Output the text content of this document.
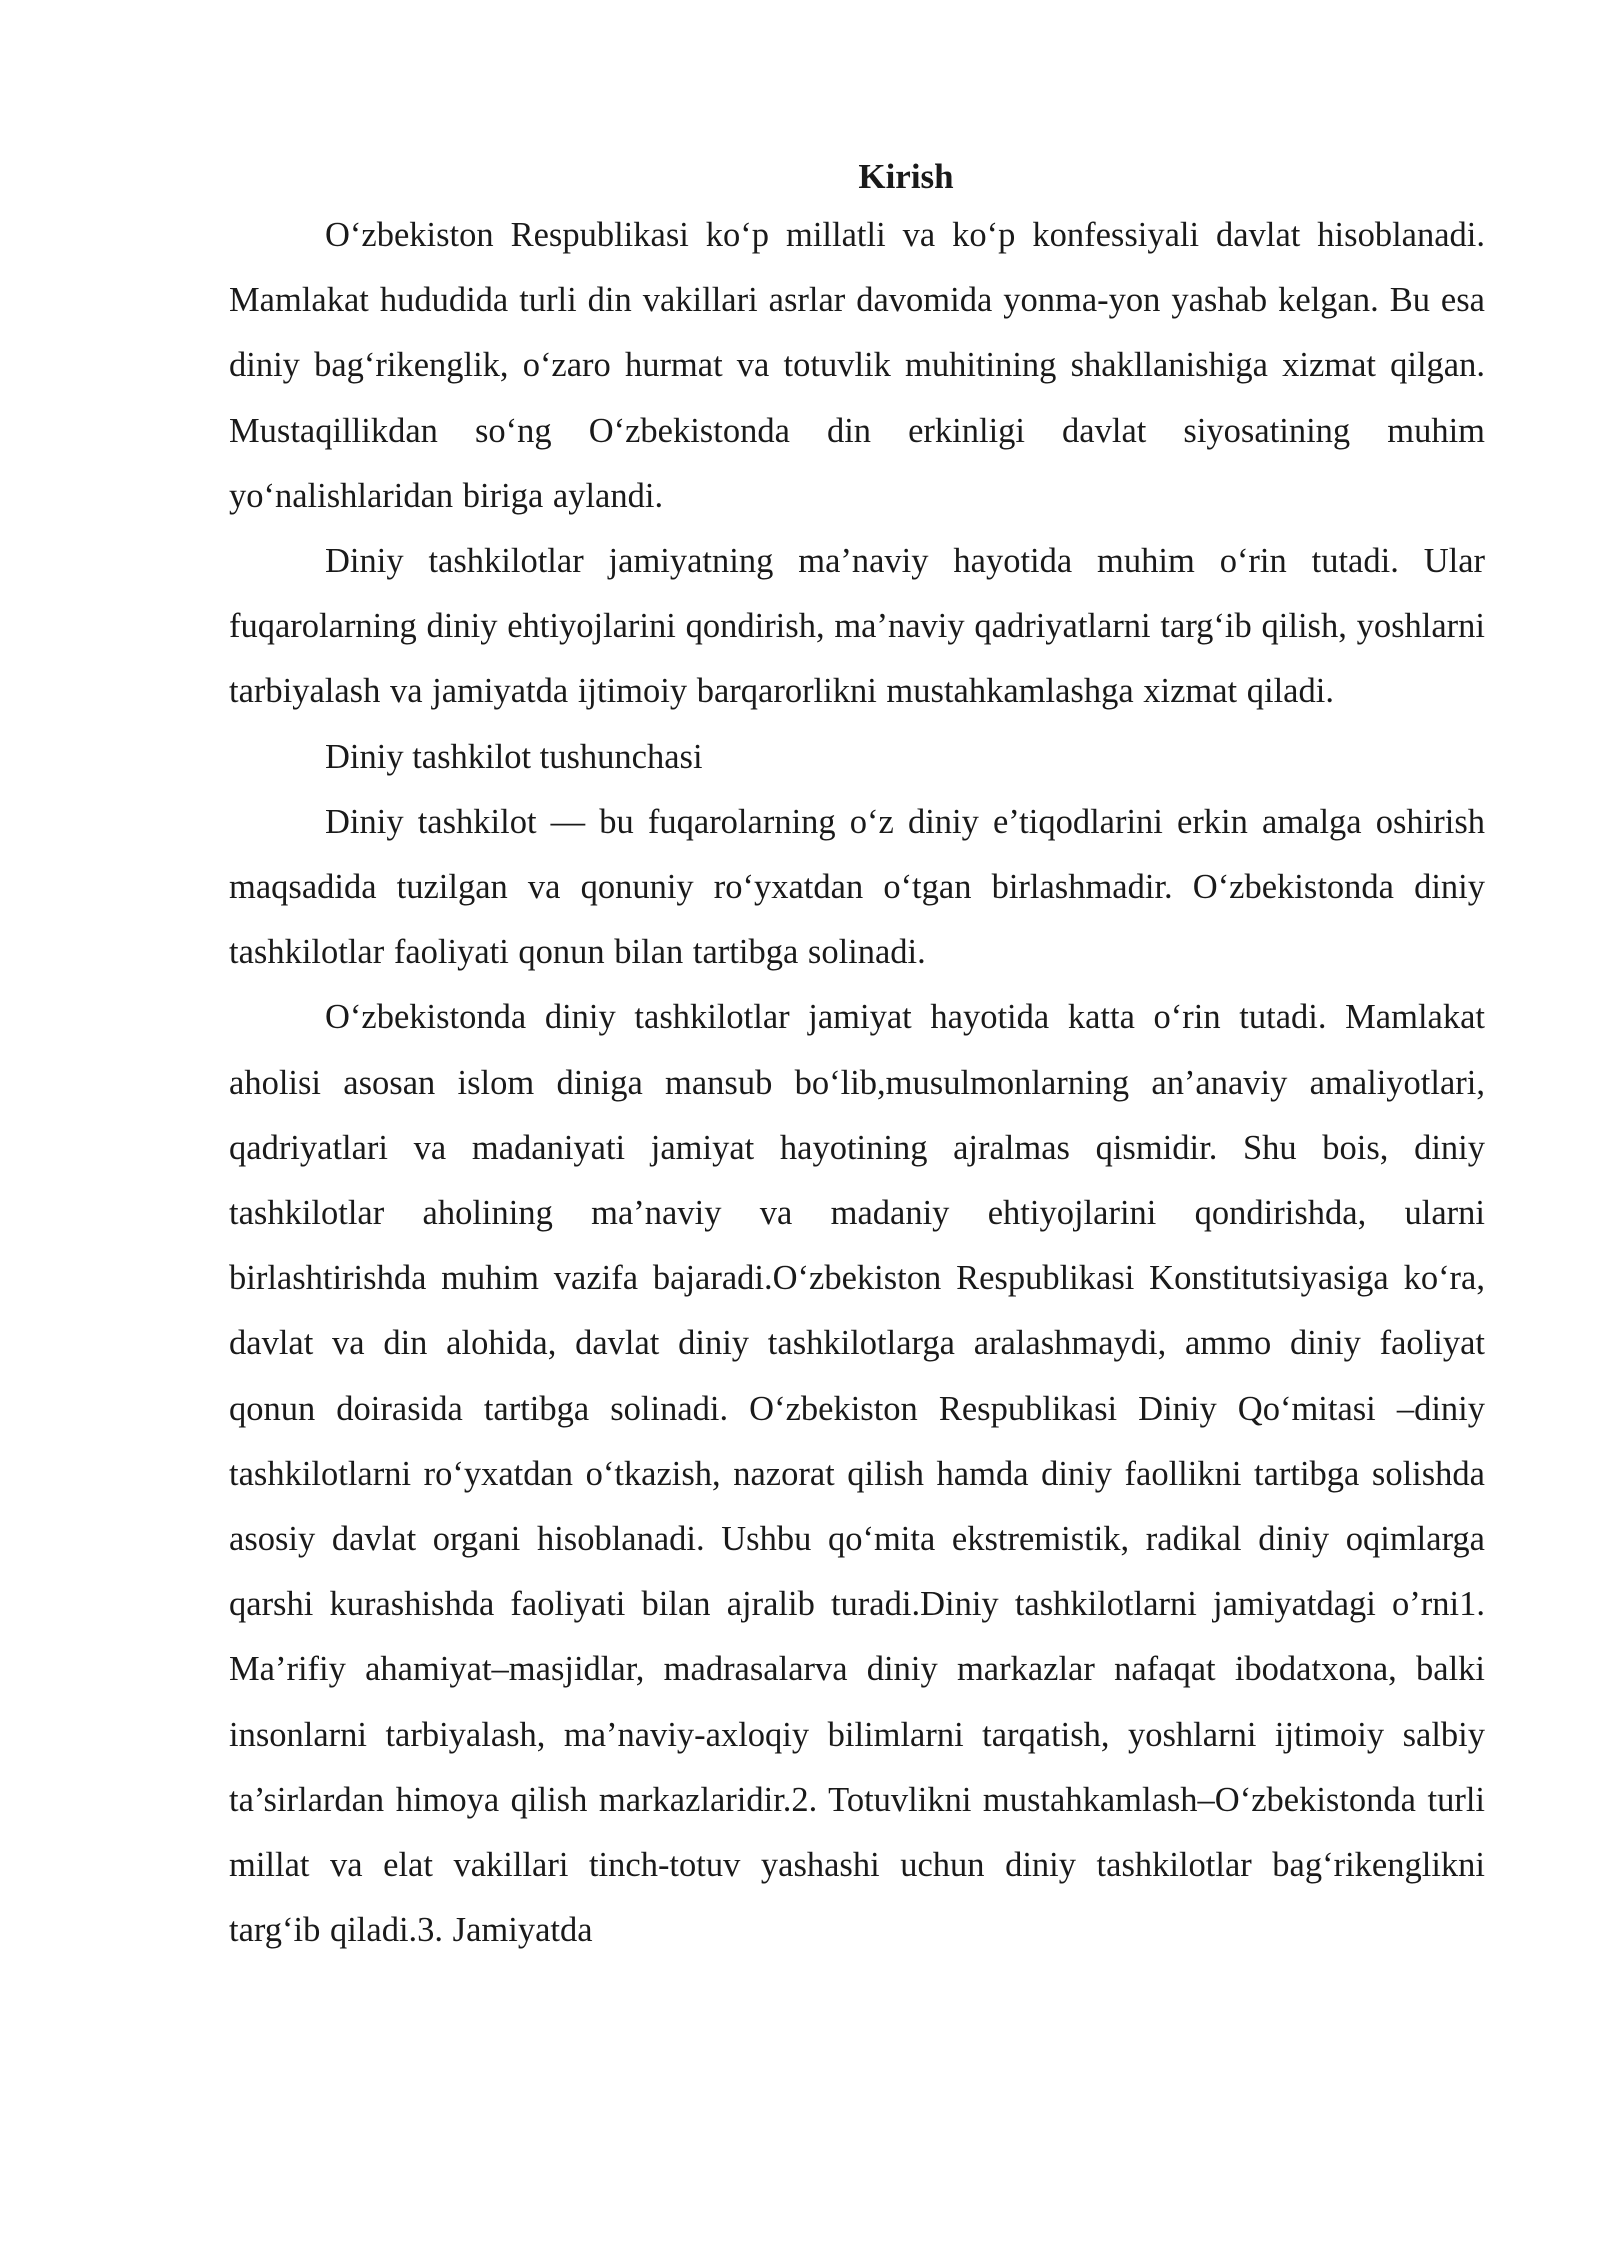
Kirish

O‘zbekiston Respublikasi ko‘p millatli va ko‘p konfessiyali davlat hisoblanadi. Mamlakat hududida turli din vakillari asrlar davomida yonma-yon yashab kelgan. Bu esa diniy bag‘rikenglik, o‘zaro hurmat va totuvlik muhitining shakllanishiga xizmat qilgan. Mustaqillikdan so‘ng O‘zbekistonda din erkinligi davlat siyosatining muhim yo‘nalishlaridan biriga aylandi.

Diniy tashkilotlar jamiyatning ma’naviy hayotida muhim o‘rin tutadi. Ular fuqarolarning diniy ehtiyojlarini qondirish, ma’naviy qadriyatlarni targ‘ib qilish, yoshlarni tarbiyalash va jamiyatda ijtimoiy barqarorlikni mustahkamlashga xizmat qiladi.

Diniy tashkilot tushunchasi

Diniy tashkilot — bu fuqarolarning o‘z diniy e’tiqodlarini erkin amalga oshirish maqsadida tuzilgan va qonuniy ro‘yxatdan o‘tgan birlashmadir. O‘zbekistonda diniy tashkilotlar faoliyati qonun bilan tartibga solinadi.

O‘zbekistonda diniy tashkilotlar jamiyat hayotida katta o‘rin tutadi. Mamlakat aholisi asosan islom diniga mansub bo‘lib,musulmonlarning an’anaviy amaliyotlari, qadriyatlari va madaniyati jamiyat hayotining ajralmas qismidir. Shu bois, diniy tashkilotlar aholining ma’naviy va madaniy ehtiyojlarini qondirishda, ularni birlashtirishda muhim vazifa bajaradi.O‘zbekiston Respublikasi Konstitutsiyasiga ko‘ra, davlat va din alohida, davlat diniy tashkilotlarga aralashmaydi, ammo diniy faoliyat qonun doirasida tartibga solinadi. O‘zbekiston Respublikasi Diniy Qo‘mitasi –diniy tashkilotlarni ro‘yxatdan o‘tkazish, nazorat qilish hamda diniy faollikni tartibga solishda asosiy davlat organi hisoblanadi. Ushbu qo‘mita ekstremistik, radikal diniy oqimlarga qarshi kurashishda faoliyati bilan ajralib turadi.Diniy tashkilotlarni jamiyatdagi o’rni1. Ma’rifiy ahamiyat–masjidlar, madrasalarva diniy markazlar nafaqat ibodatxona, balki insonlarni tarbiyalash, ma’naviy-axloqiy bilimlarni tarqatish, yoshlarni ijtimoiy salbiy ta’sirlardan himoya qilish markazlaridir.2. Totuvlikni mustahkamlash–O‘zbekistonda turli millat va elat vakillari tinch-totuv yashashi uchun diniy tashkilotlar bag‘rikenglikni targ‘ib qiladi.3. Jamiyatda
